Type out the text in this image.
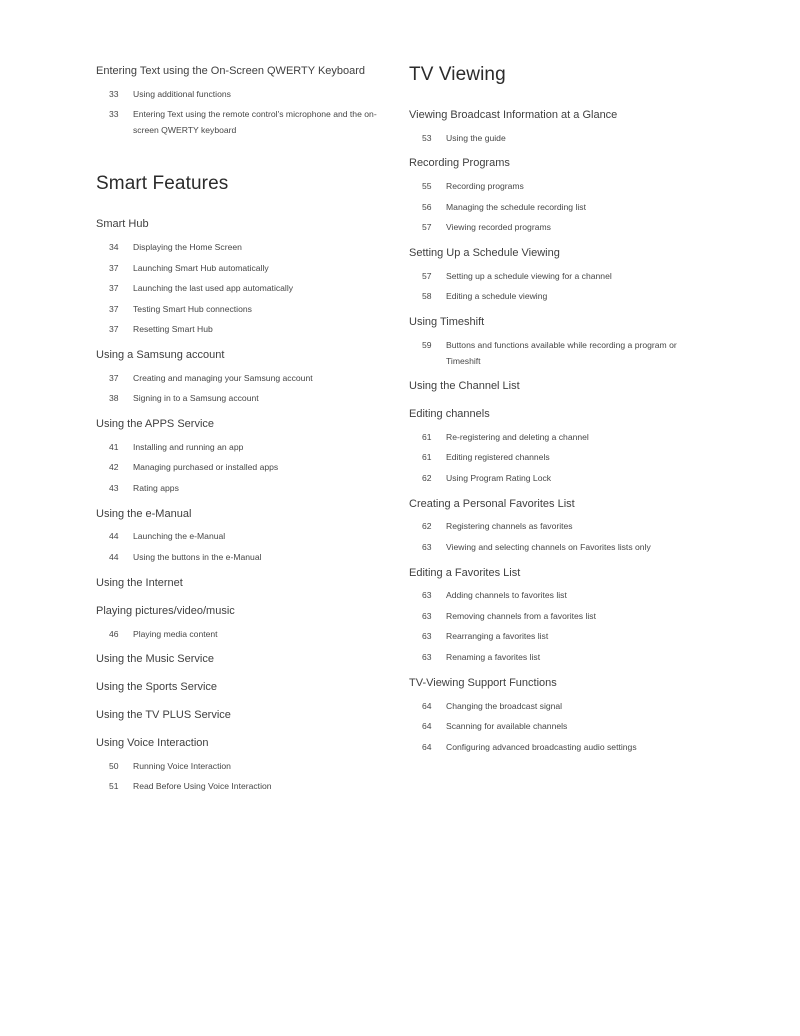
Entering Text using the On-Screen QWERTY Keyboard
33 Using additional functions
33 Entering Text using the remote control's microphone and the on-screen QWERTY keyboard
Smart Features
Smart Hub
34 Displaying the Home Screen
37 Launching Smart Hub automatically
37 Launching the last used app automatically
37 Testing Smart Hub connections
37 Resetting Smart Hub
Using a Samsung account
37 Creating and managing your Samsung account
38 Signing in to a Samsung account
Using the APPS Service
41 Installing and running an app
42 Managing purchased or installed apps
43 Rating apps
Using the e-Manual
44 Launching the e-Manual
44 Using the buttons in the e-Manual
Using the Internet
Playing pictures/video/music
46 Playing media content
Using the Music Service
Using the Sports Service
Using the TV PLUS Service
Using Voice Interaction
50 Running Voice Interaction
51 Read Before Using Voice Interaction
TV Viewing
Viewing Broadcast Information at a Glance
53 Using the guide
Recording Programs
55 Recording programs
56 Managing the schedule recording list
57 Viewing recorded programs
Setting Up a Schedule Viewing
57 Setting up a schedule viewing for a channel
58 Editing a schedule viewing
Using Timeshift
59 Buttons and functions available while recording a program or Timeshift
Using the Channel List
Editing channels
61 Re-registering and deleting a channel
61 Editing registered channels
62 Using Program Rating Lock
Creating a Personal Favorites List
62 Registering channels as favorites
63 Viewing and selecting channels on Favorites lists only
Editing a Favorites List
63 Adding channels to favorites list
63 Removing channels from a favorites list
63 Rearranging a favorites list
63 Renaming a favorites list
TV-Viewing Support Functions
64 Changing the broadcast signal
64 Scanning for available channels
64 Configuring advanced broadcasting audio settings
